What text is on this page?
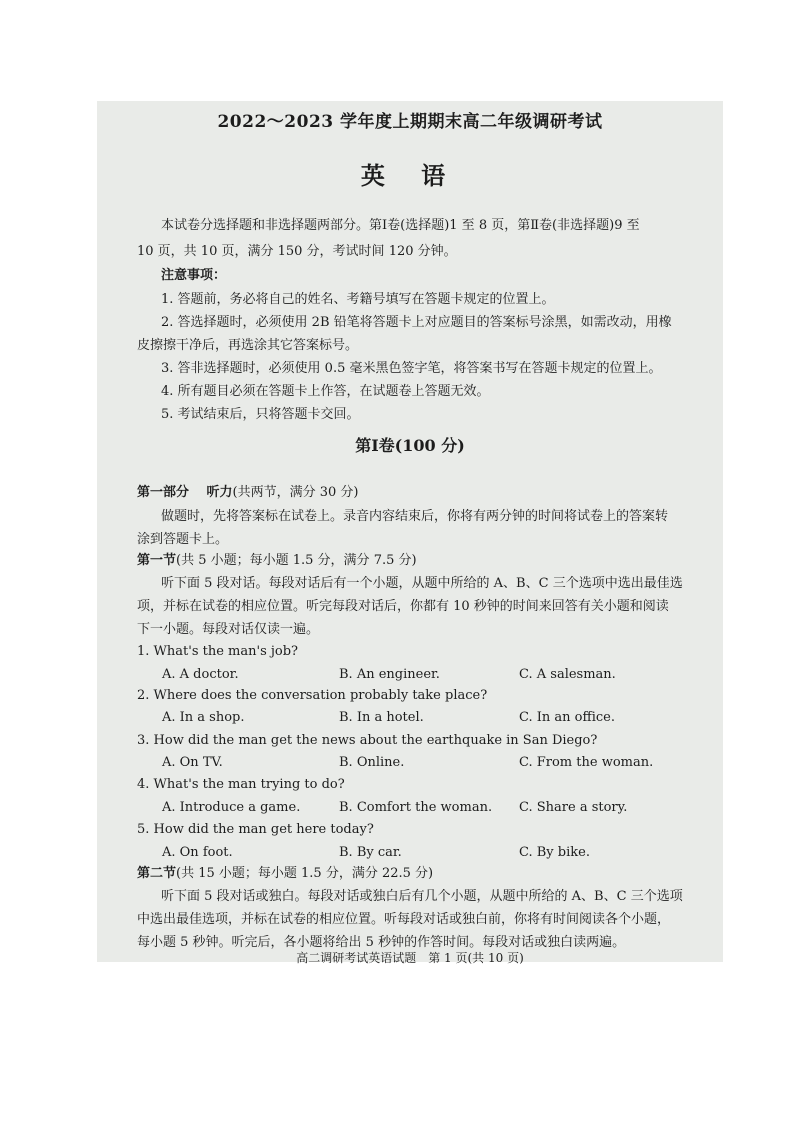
2022～2023 学年度上期期末高二年级调研考试
英 语
本试卷分选择题和非选择题两部分。第Ⅰ卷(选择题)1 至 8 页，第Ⅱ卷(非选择题)9 至
10 页，共 10 页，满分 150 分，考试时间 120 分钟。
注意事项：
1. 答题前，务必将自己的姓名、考籍号填写在答题卡规定的位置上。
2. 答选择题时，必须使用 2B 铅笔将答题卡上对应题目的答案标号涂黑，如需改动，用橡
皮擦擦干净后，再选涂其它答案标号。
3. 答非选择题时，必须使用 0.5 毫米黑色签字笔，将答案书写在答题卡规定的位置上。
4. 所有题目必须在答题卡上作答，在试题卷上答题无效。
5. 考试结束后，只将答题卡交回。
第Ⅰ卷(100 分)
第一部分　 听力(共两节，满分 30 分)
做题时，先将答案标在试卷上。录音内容结束后，你将有两分钟的时间将试卷上的答案转
涂到答题卡上。
第一节(共 5 小题；每小题 1.5 分，满分 7.5 分)
听下面 5 段对话。每段对话后有一个小题，从题中所给的 A、B、C 三个选项中选出最佳选
项，并标在试卷的相应位置。听完每段对话后，你都有 10 秒钟的时间来回答有关小题和阅读
下一小题。每段对话仅读一遍。
1. What's the man's job?
A. A doctor.	B. An engineer.	C. A salesman.
2. Where does the conversation probably take place?
A. In a shop.	B. In a hotel.	C. In an office.
3. How did the man get the news about the earthquake in San Diego?
A. On TV.	B. Online.	C. From the woman.
4. What's the man trying to do?
A. Introduce a game.	B. Comfort the woman. C. Share a story.
5. How did the man get here today?
A. On foot.	B. By car.	C. By bike.
第二节(共 15 小题；每小题 1.5 分，满分 22.5 分)
听下面 5 段对话或独白。每段对话或独白后有几个小题，从题中所给的 A、B、C 三个选项
中选出最佳选项，并标在试卷的相应位置。听每段对话或独白前，你将有时间阅读各个小题，
每小题 5 秒钟。听完后，各小题将给出 5 秒钟的作答时间。每段对话或独白读两遍。
高二调研考试英语试题　第 1 页(共 10 页)
